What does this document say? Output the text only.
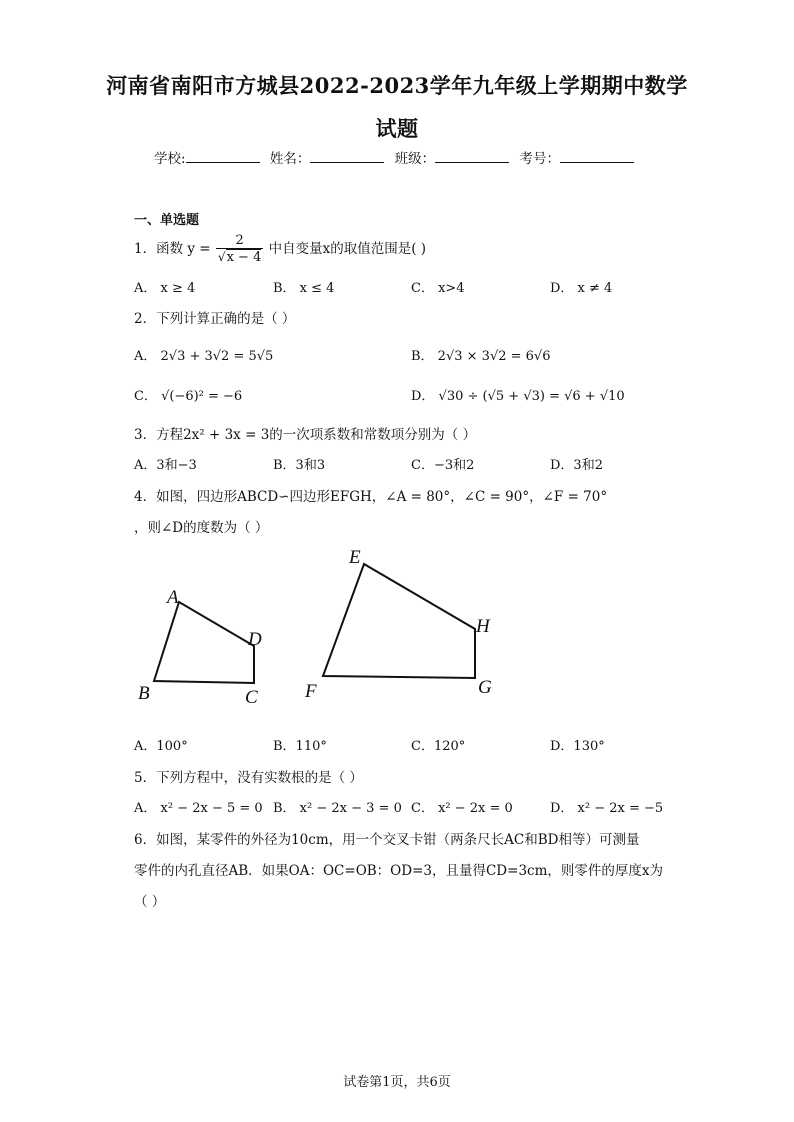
河南省南阳市方城县2022-2023学年九年级上学期期中数学
试题
学校:	姓名：	班级：	考号：
一、单选题
1．函数 $y = \frac{2}{√x - 4}$ 中自变量x的取值范围是( )
A． x ≥ 4	B． x ≤ 4	C． x>4	D． x ≠ 4
2．下列计算正确的是（ ）
A． 2√3 + 3√2 = 5√5	B． 2√3 × 3√2 = 6√6
C． √(−6)² = −6	D． √30 ÷ (√5 + √3) = √6 + √10
3．方程2x² + 3x = 3的一次项系数和常数项分别为（ ）
A．3和−3	B．3和3	C．−3和2	D．3和2
4．如图，四边形ABCD∽四边形EFGH，∠A = 80°，∠C = 90°，∠F = 70°
，则∠D的度数为（ ）
A
B	C
D
E
F	G
H
A．100°	B．110°	C．120°	D．130°
5．下列方程中，没有实数根的是（ ）
A． x² − 2x − 5 = 0 B． x² − 2x − 3 = 0 C． x² − 2x = 0	D． x² − 2x = −5
6．如图，某零件的外径为10cm，用一个交叉卡钳（两条尺长AC和BD相等）可测量
零件的内孔直径AB．如果OA：OC=OB：OD=3，且量得CD=3cm，则零件的厚度x为
（ ）
试卷第1页，共6页
